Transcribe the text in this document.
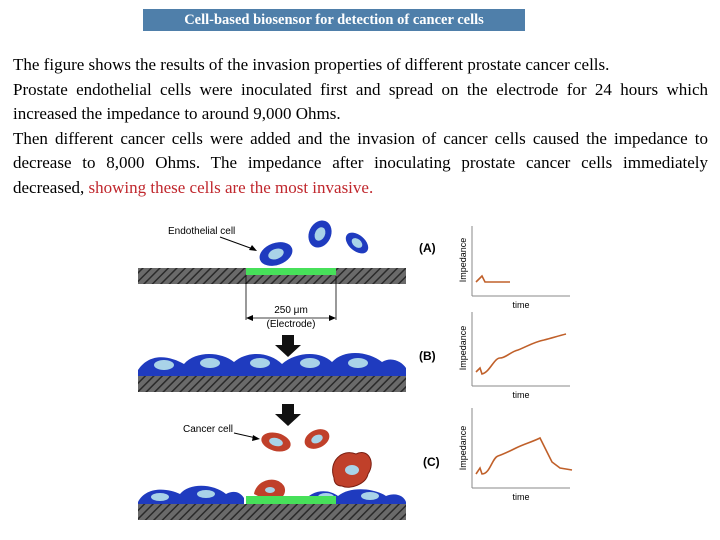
Cell-based biosensor for detection of cancer cells

The figure shows the results of the invasion properties of different prostate cancer cells.
Prostate endothelial cells were inoculated first and spread on the electrode for 24 hours which increased the impedance to around 9,000 Ohms.
Then different cancer cells were added and the invasion of cancer cells caused the impedance to decrease to 8,000 Ohms. The impedance after inoculating prostate cancer cells immediately decreased, showing these cells are the most invasive.

Endothelial cell
250 μm
(Electrode)
(A)
(B)
Cancer cell
(C)
Impedance
time
Impedance
time
Impedance
time
